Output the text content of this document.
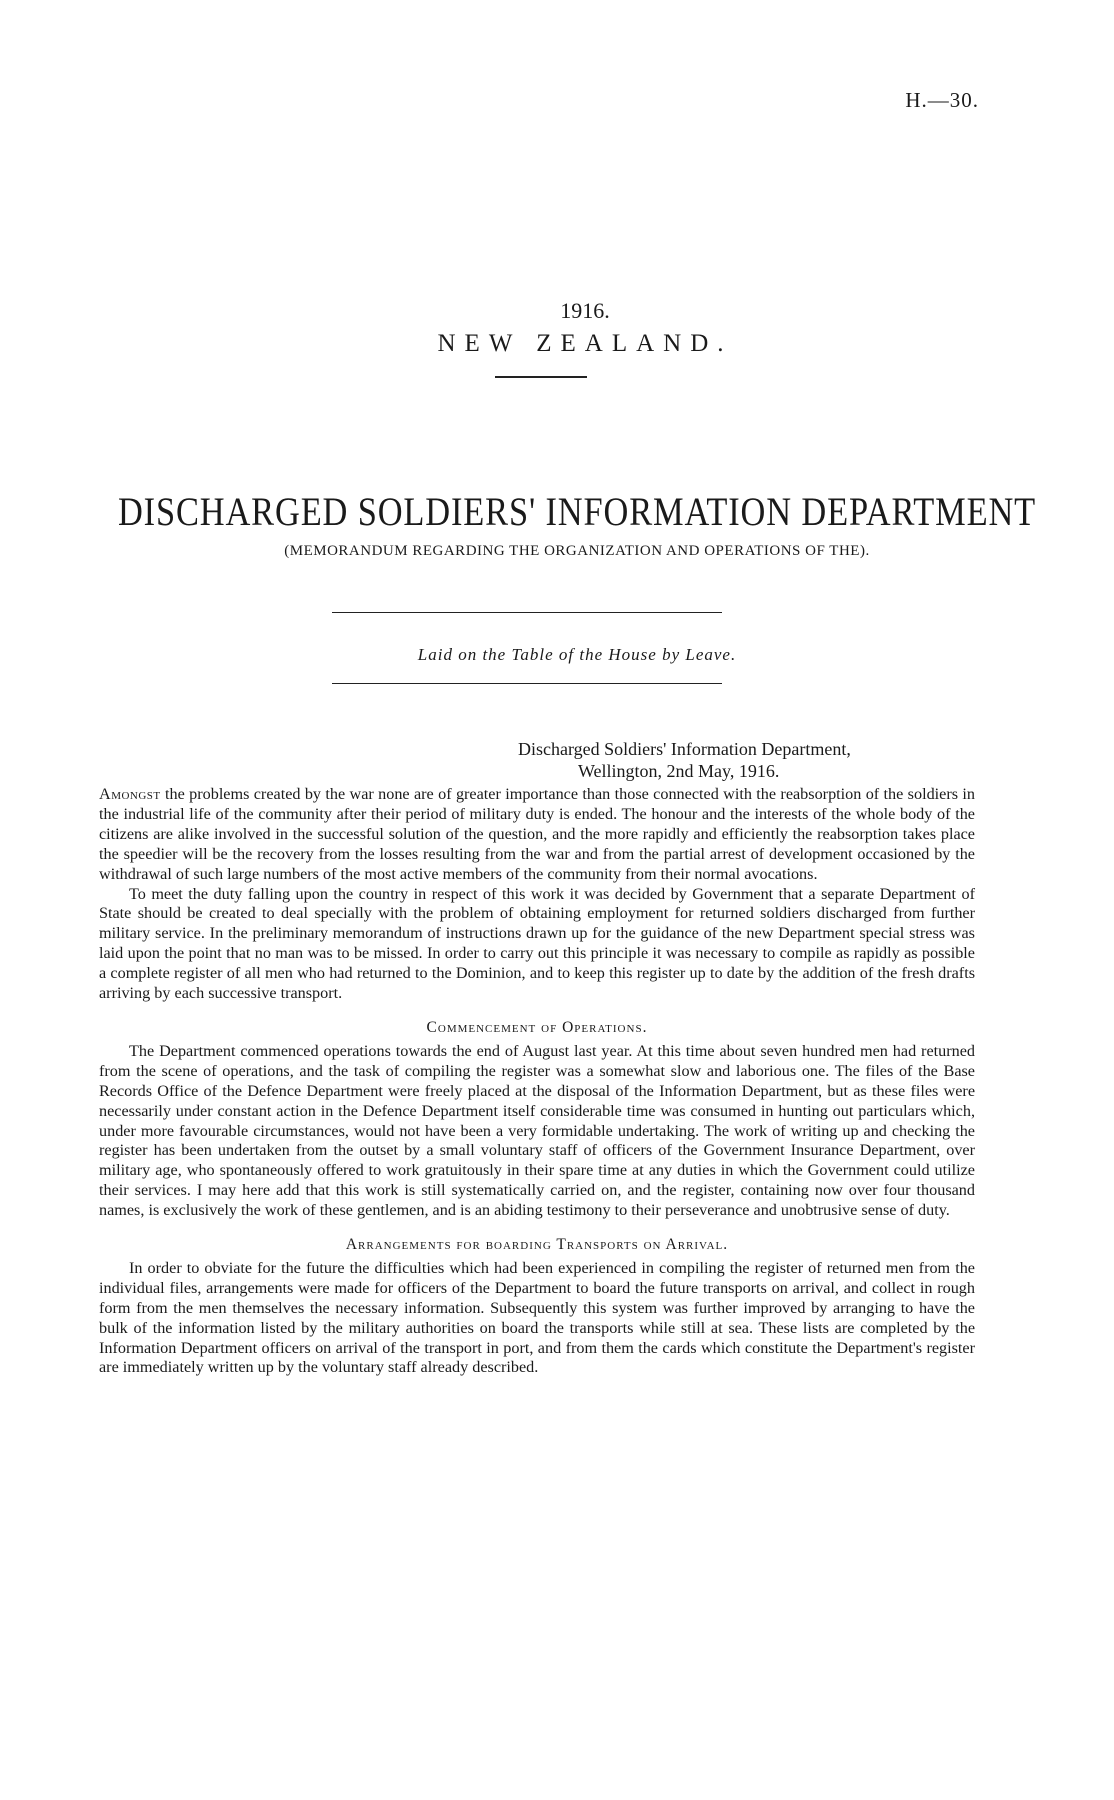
H.—30.
1916.
NEW ZEALAND.
DISCHARGED SOLDIERS' INFORMATION DEPARTMENT
(MEMORANDUM REGARDING THE ORGANIZATION AND OPERATIONS OF THE).
Laid on the Table of the House by Leave.
Discharged Soldiers' Information Department,
Wellington, 2nd May, 1916.

Amongst the problems created by the war none are of greater importance than those connected with the reabsorption of the soldiers in the industrial life of the community after their period of military duty is ended. The honour and the interests of the whole body of the citizens are alike involved in the successful solution of the question, and the more rapidly and efficiently the reabsorption takes place the speedier will be the recovery from the losses resulting from the war and from the partial arrest of development occasioned by the withdrawal of such large numbers of the most active members of the community from their normal avocations.

To meet the duty falling upon the country in respect of this work it was decided by Government that a separate Department of State should be created to deal specially with the problem of obtaining employment for returned soldiers discharged from further military service. In the preliminary memorandum of instructions drawn up for the guidance of the new Department special stress was laid upon the point that no man was to be missed. In order to carry out this principle it was necessary to compile as rapidly as possible a complete register of all men who had returned to the Dominion, and to keep this register up to date by the addition of the fresh drafts arriving by each successive transport.

Commencement of Operations.

The Department commenced operations towards the end of August last year. At this time about seven hundred men had returned from the scene of operations, and the task of compiling the register was a somewhat slow and laborious one. The files of the Base Records Office of the Defence Department were freely placed at the disposal of the Information Department, but as these files were necessarily under constant action in the Defence Department itself considerable time was consumed in hunting out particulars which, under more favourable circumstances, would not have been a very formidable undertaking. The work of writing up and checking the register has been undertaken from the outset by a small voluntary staff of officers of the Government Insurance Department, over military age, who spontaneously offered to work gratuitously in their spare time at any duties in which the Government could utilize their services. I may here add that this work is still systematically carried on, and the register, containing now over four thousand names, is exclusively the work of these gentlemen, and is an abiding testimony to their perseverance and unobtrusive sense of duty.

Arrangements for boarding Transports on Arrival.

In order to obviate for the future the difficulties which had been experienced in compiling the register of returned men from the individual files, arrangements were made for officers of the Department to board the future transports on arrival, and collect in rough form from the men themselves the necessary information. Subsequently this system was further improved by arranging to have the bulk of the information listed by the military authorities on board the transports while still at sea. These lists are completed by the Information Department officers on arrival of the transport in port, and from them the cards which constitute the Department's register are immediately written up by the voluntary staff already described.
